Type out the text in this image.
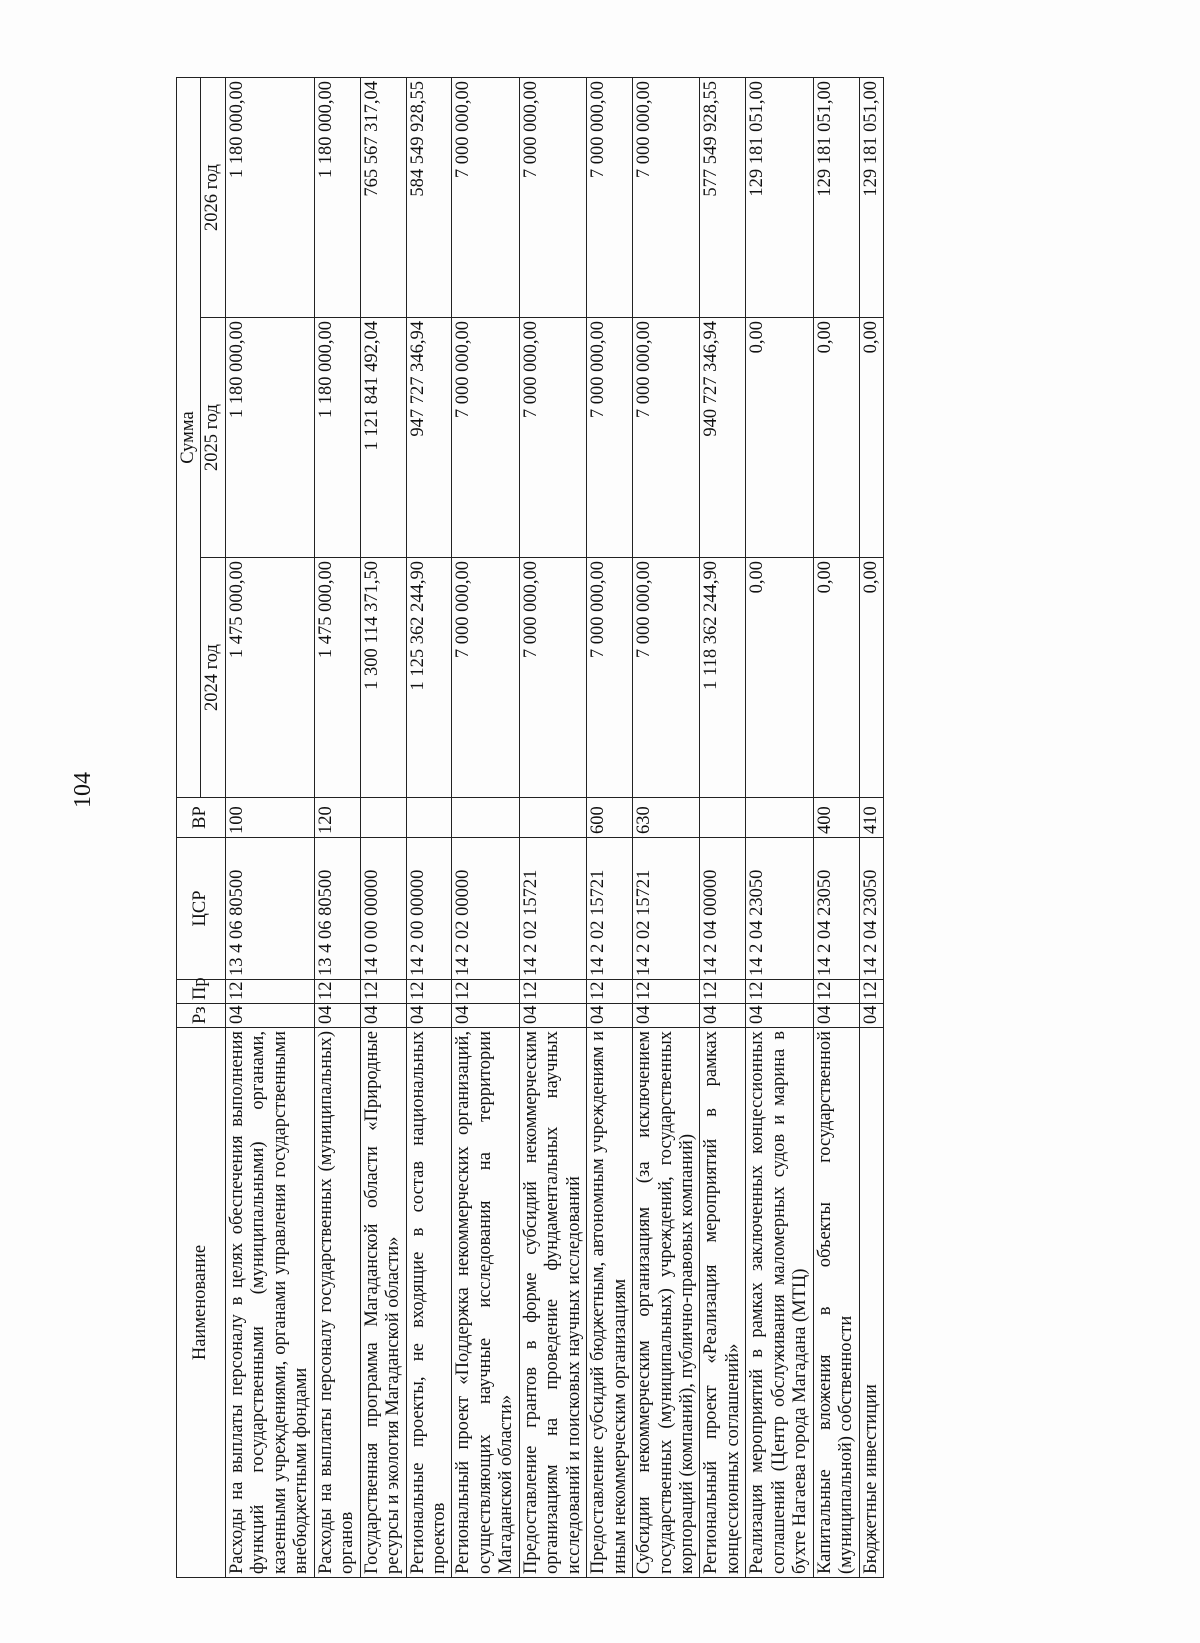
104
Наименование	Рз	Пр	ЦСР	ВР	Сумма		
					2024 год	2025 год	2026 год
Расходы на выплаты персоналу в целях обеспечения выполнения функций государственными (муниципальными) органами, казенными учреждениями, органами управления государственными внебюджетными фондами	04	12	13 4 06 80500	100	1 475 000,00	1 180 000,00	1 180 000,00
Расходы на выплаты персоналу государственных (муниципальных) органов	04	12	13 4 06 80500	120	1 475 000,00	1 180 000,00	1 180 000,00
Государственная программа Магаданской области «Природные ресурсы и экология Магаданской области»	04	12	14 0 00 00000		1 300 114 371,50	1 121 841 492,04	765 567 317,04
Региональные проекты, не входящие в состав национальных проектов	04	12	14 2 00 00000		1 125 362 244,90	947 727 346,94	584 549 928,55
Региональный проект «Поддержка некоммерческих организаций, осуществляющих научные исследования на территории Магаданской области»	04	12	14 2 02 00000		7 000 000,00	7 000 000,00	7 000 000,00
Предоставление грантов в форме субсидий некоммерческим организациям на проведение фундаментальных научных исследований и поисковых научных исследований	04	12	14 2 02 15721		7 000 000,00	7 000 000,00	7 000 000,00
Предоставление субсидий бюджетным, автономным учреждениям и иным некоммерческим организациям	04	12	14 2 02 15721	600	7 000 000,00	7 000 000,00	7 000 000,00
Субсидии некоммерческим организациям (за исключением государственных (муниципальных) учреждений, государственных корпораций (компаний), публично-правовых компаний)	04	12	14 2 02 15721	630	7 000 000,00	7 000 000,00	7 000 000,00
Региональный проект «Реализация мероприятий в рамках концессионных соглашений»	04	12	14 2 04 00000		1 118 362 244,90	940 727 346,94	577 549 928,55
Реализация мероприятий в рамках заключенных концессионных соглашений (Центр обслуживания маломерных судов и марина в бухте Нагаева города Магадана (МТЦ)	04	12	14 2 04 23050		0,00	0,00	129 181 051,00
Капитальные вложения в объекты государственной (муниципальной) собственности	04	12	14 2 04 23050	400	0,00	0,00	129 181 051,00
Бюджетные инвестиции	04	12	14 2 04 23050	410	0,00	0,00	129 181 051,00
